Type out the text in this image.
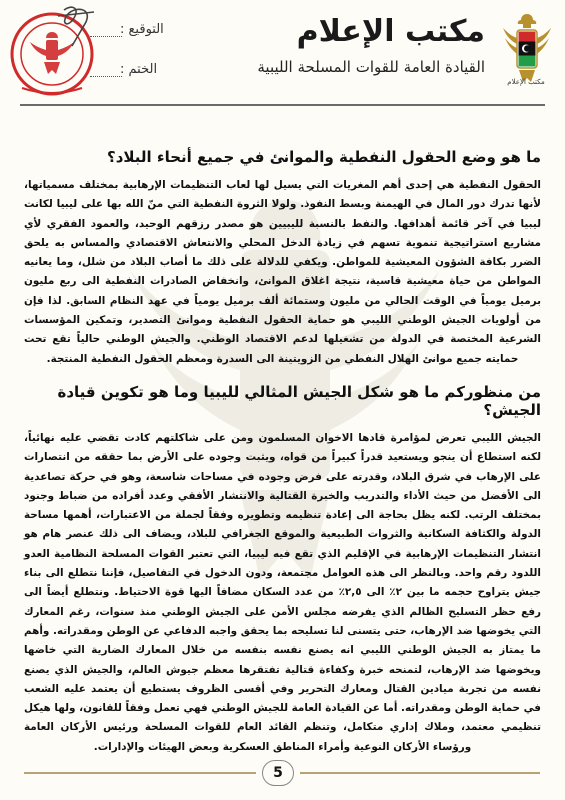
مكتب الإعلام
مكتب الإعلام
القيادة العامة للقوات المسلحة الليبية
التوقيع :
الختم :
ما هو وضع الحقول النفطية والموانئ في جميع أنحاء البلاد؟

الحقول النفطية هي إحدى أهم المغريات التي يسيل لها لعاب التنظيمات الإرهابية بمختلف مسمياتها، لأنها تدرك دور المال في الهيمنة وبسط النفوذ. ولولا الثروة النفطية التي منّ الله بها على ليبيا لكانت ليبيا في آخر قائمة أهدافها. والنفط بالنسبة لليبيين هو مصدر رزقهم الوحيد، والعمود الفقري لأي مشاريع استراتيجية تنموية تسهم في زيادة الدخل المحلي والانتعاش الاقتصادي والمساس به يلحق الضرر بكافة الشؤون المعيشية للمواطن. ويكفي للدلالة على ذلك ما أصاب البلاد من شلل، وما يعانيه المواطن من حياة معيشية قاسية، نتيجة اغلاق الموانئ، وانخفاض الصادرات النفطية الى ربع مليون برميل يومياً في الوقت الحالي من مليون وستمائة ألف برميل يومياً في عهد النظام السابق. لذا فإن من أولويات الجيش الوطني الليبي هو حماية الحقول النفطية وموانئ التصدير، وتمكين المؤسسات الشرعية المختصة في الدولة من تشغيلها لدعم الاقتصاد الوطني. والجيش الوطني حالياً تقع تحت حمايته جميع موانئ الهلال النفطي من الزويتينة الى السدرة ومعظم الحقول النفطية المنتجة.

من منظوركم ما هو شكل الجيش المثالي لليبيا وما هو تكوين قيادة الجيش؟

الجيش الليبي تعرض لمؤامرة قادها الاخوان المسلمون ومن على شاكلتهم كادت تقضي عليه نهائياً، لكنه استطاع أن ينجو ويستعيد قدراً كبيراً من قواه، ويثبت وجوده على الأرض بما حققه من انتصارات على الإرهاب في شرق البلاد، وقدرته على فرض وجوده في مساحات شاسعة، وهو في حركة تصاعدية الى الأفضل من حيث الأداء والتدريب والخبرة القتالية والانتشار الأفقي وعدد أفراده من ضباط وجنود بمختلف الرتب. لكنه يظل بحاجة الى إعادة تنظيمه وتطويره وفقاً لجملة من الاعتبارات، أهمها مساحة الدولة والكثافة السكانية والثروات الطبيعية والموقع الجغرافي للبلاد، ويضاف الى ذلك عنصر هام هو انتشار التنظيمات الإرهابية في الإقليم الذي تقع فيه ليبيا، التي تعتبر القوات المسلحة النظامية العدو اللدود رقم واحد. وبالنظر الى هذه العوامل مجتمعة، ودون الدخول في التفاصيل، فإننا نتطلع الى بناء جيش يتراوح حجمه ما بين ٢٪ الى ٢,٥٪ من عدد السكان مضافاً اليها قوة الاحتياط. ونتطلع أيضاً الى رفع حظر التسليح الظالم الذي يفرضه مجلس الأمن على الجيش الوطني منذ سنوات، رغم المعارك التي يخوضها ضد الإرهاب، حتى يتسنى لنا تسليحه بما يحقق واجبه الدفاعي عن الوطن ومقدراته. وأهم ما يمتاز به الجيش الوطني الليبي انه يصنع نفسه بنفسه من خلال المعارك الضارية التي خاضها ويخوضها ضد الإرهاب، لتمنحه خبرة وكفاءة قتالية تفتقرها معظم جيوش العالم، والجيش الذي يصنع نفسه من تجربة ميادين القتال ومعارك التحرير وفي أقسى الظروف يستطيع أن يعتمد عليه الشعب في حماية الوطن ومقدراته. أما عن القيادة العامة للجيش الوطني فهي تعمل وفقاً للقانون، ولها هيكل تنظيمي معتمد، وملاك إداري متكامل، وتنظم القائد العام للقوات المسلحة ورئيس الأركان العامة ورؤساء الأركان النوعية وأمراء المناطق العسكرية وبعض الهيئات والإدارات.

5
